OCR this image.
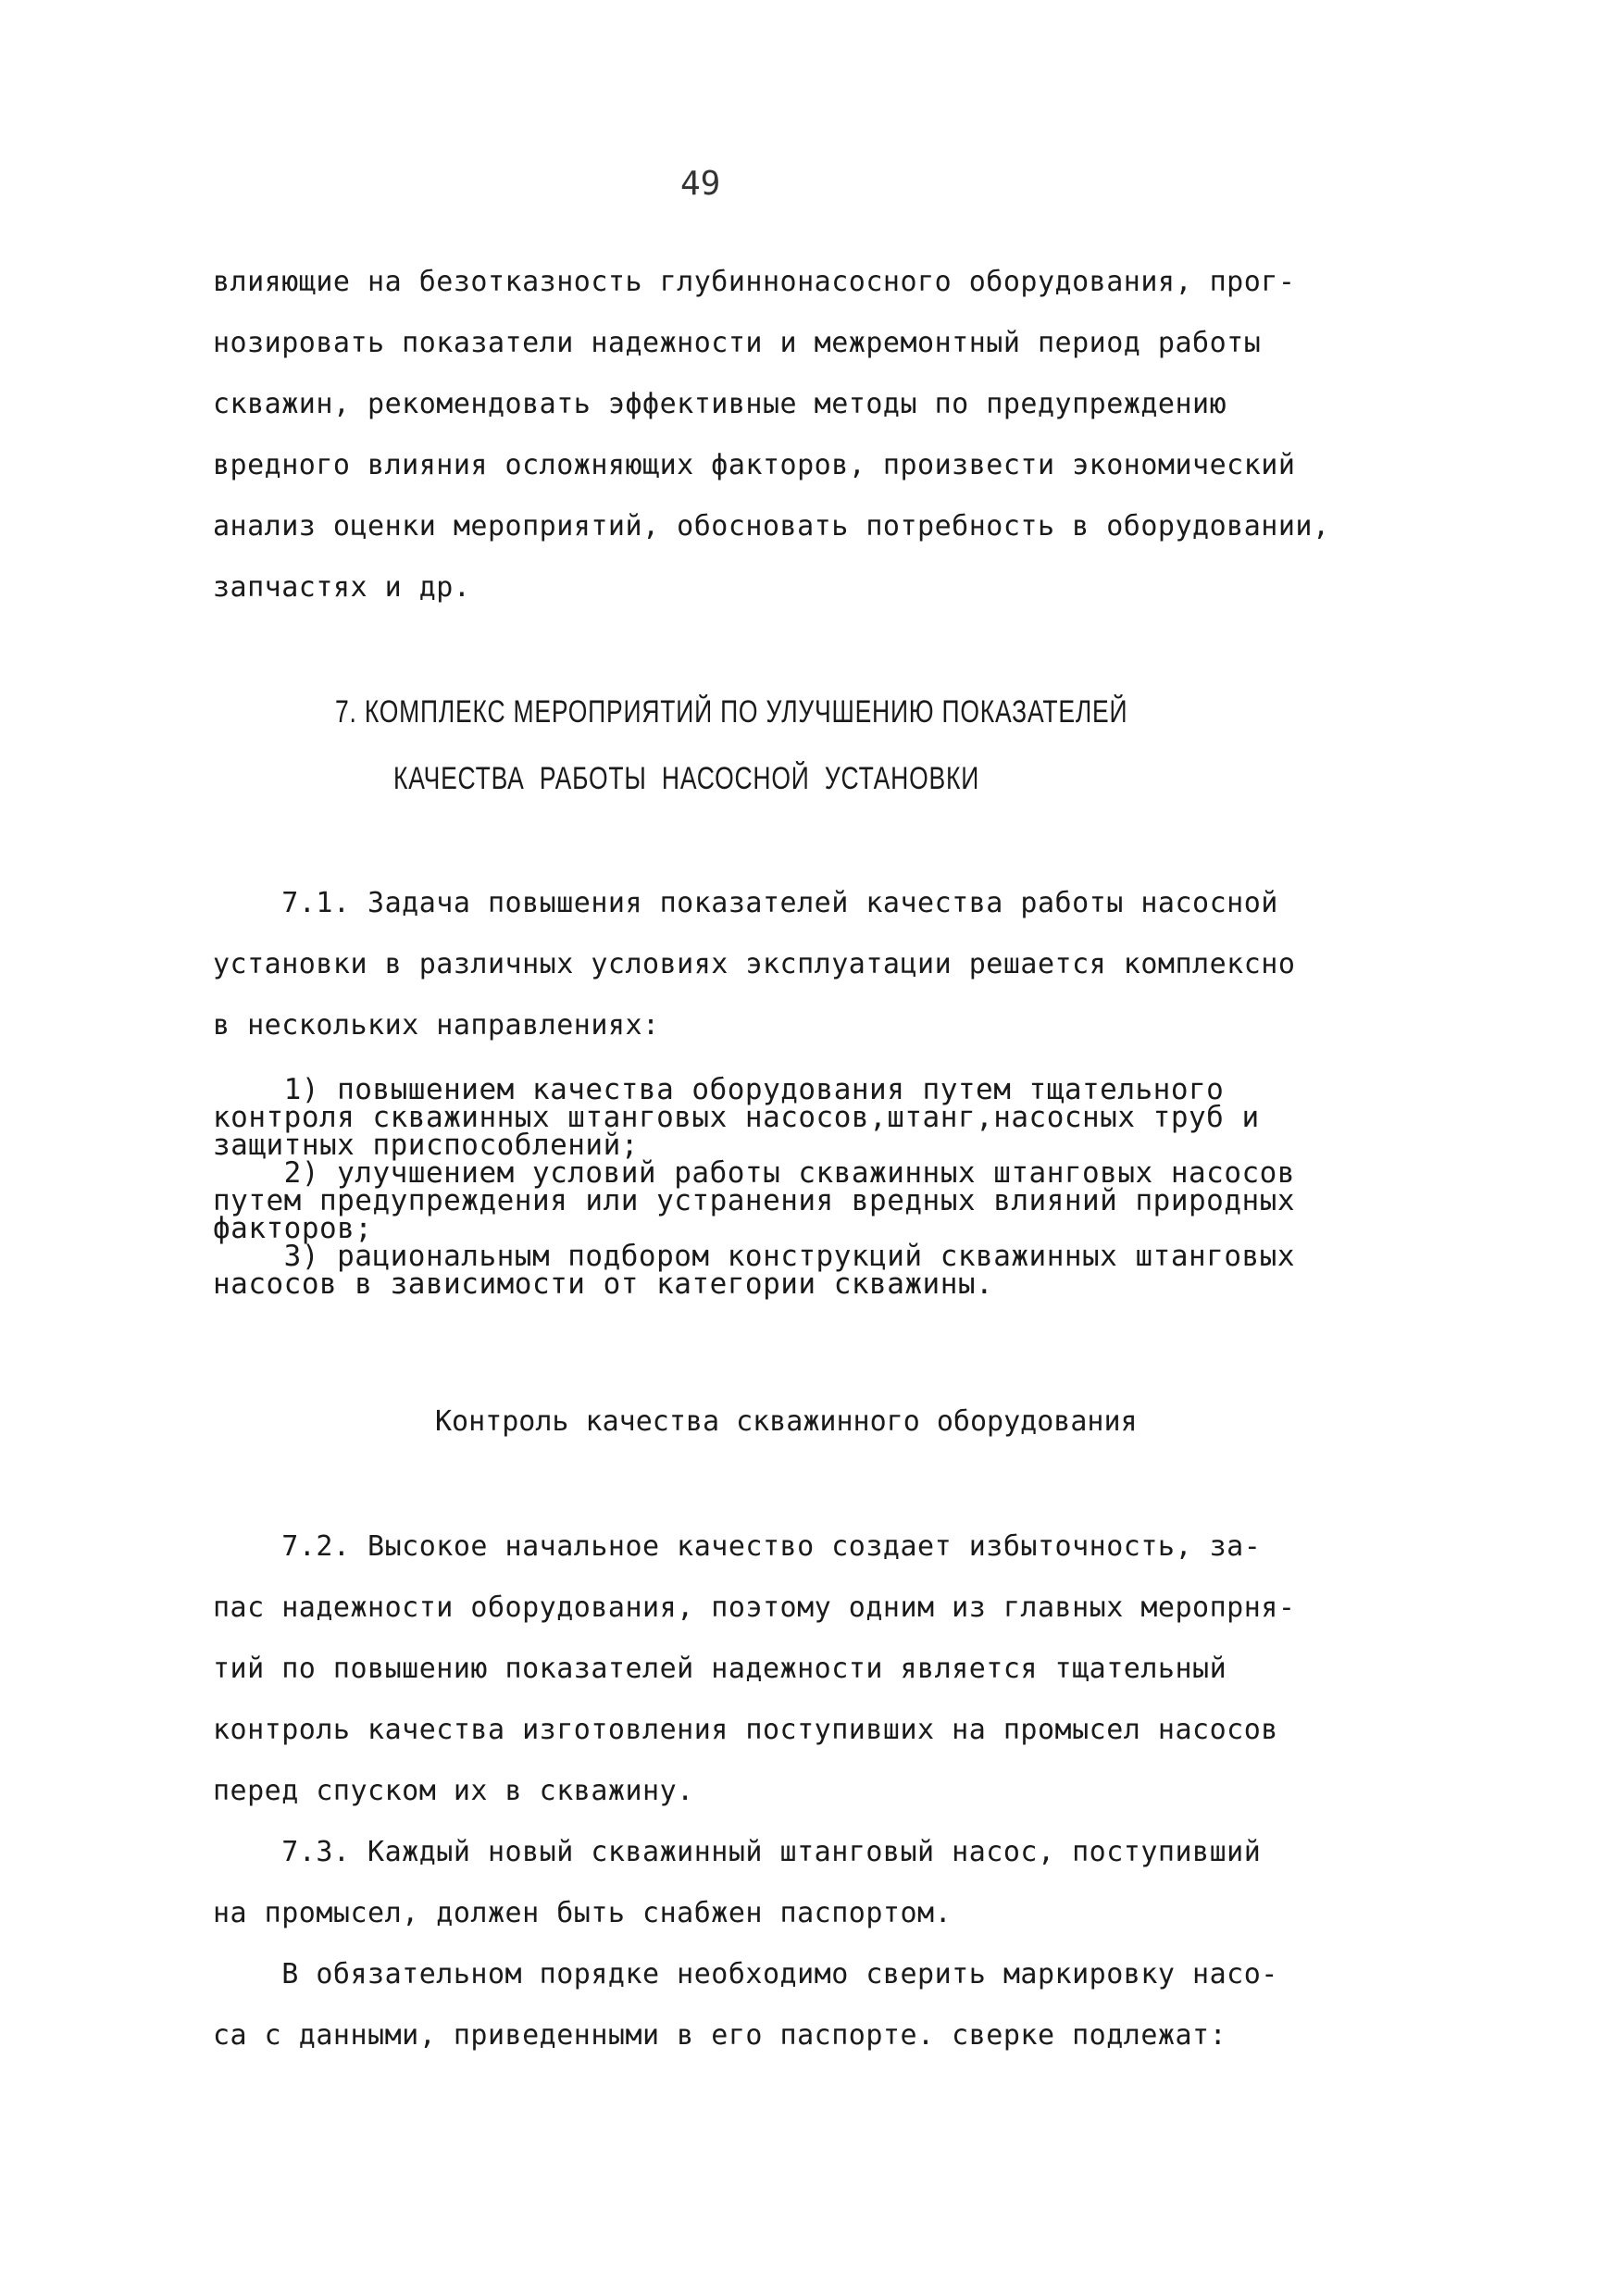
49
влияющие на безотказность глубиннонасосного оборудования, прог-
нозировать показатели надежности и межремонтный период работы
скважин, рекомендовать эффективные методы по предупреждению
вредного влияния осложняющих факторов, произвести экономический
анализ оценки мероприятий, обосновать потребность в оборудовании,
запчастях и др.
7. КОМПЛЕКС МЕРОПРИЯТИЙ ПО УЛУЧШЕНИЮ ПОКАЗАТЕЛЕЙ
КАЧЕСТВА  РАБОТЫ  НАСОСНОЙ  УСТАНОВКИ
7.1. Задача повышения показателей качества работы насосной
установки в различных условиях эксплуатации решается комплексно
в нескольких направлениях:
1) повышением качества оборудования путем тщательного
контроля скважинных штанговых насосов,штанг,насосных труб и
защитных приспособлений;
2) улучшением условий работы скважинных штанговых насосов
путем предупреждения или устранения вредных влияний природных
факторов;
3) рациональным подбором конструкций скважинных штанговых
насосов в зависимости от категории скважины.
Контроль качества скважинного оборудования
7.2. Высокое начальное качество создает избыточность, за-
пас надежности оборудования, поэтому одним из главных меропрня-
тий по повышению показателей надежности является тщательный
контроль качества изготовления поступивших на промысел насосов
перед спуском их в скважину.
7.3. Каждый новый скважинный штанговый насос, поступивший
на промысел, должен быть снабжен паспортом.
В обязательном порядке необходимо сверить маркировку насо-
са с данными, приведенными в его паспорте. сверке подлежат:
